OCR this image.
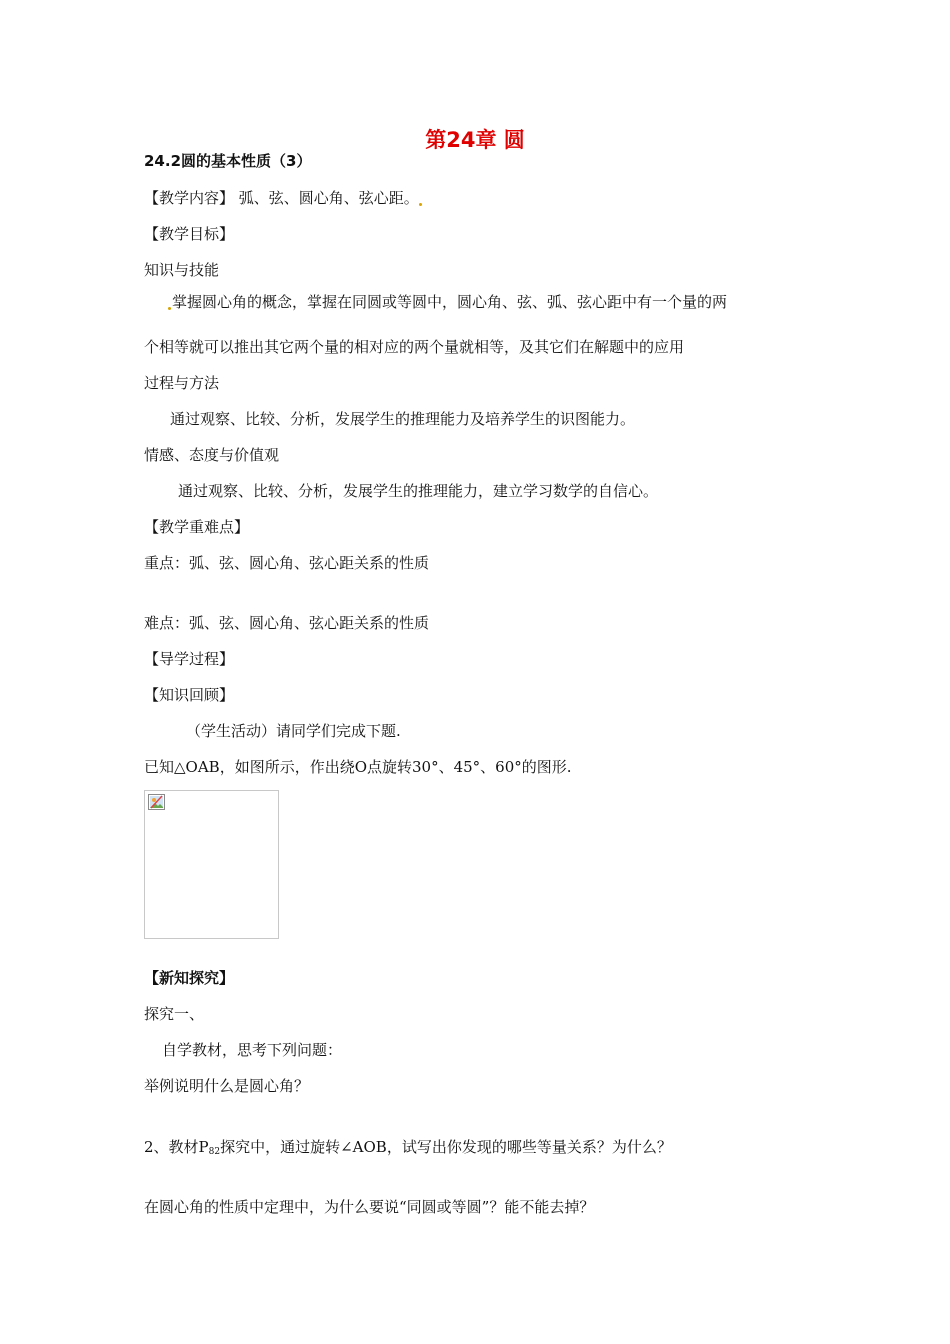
第24章 圆
24.2圆的基本性质（3）
【教学内容】 弧、弦、圆心角、弦心距。
【教学目标】
知识与技能
掌握圆心角的概念，掌握在同圆或等圆中，圆心角、弦、弧、弦心距中有一个量的两
个相等就可以推出其它两个量的相对应的两个量就相等，及其它们在解题中的应用
过程与方法
通过观察、比较、分析，发展学生的推理能力及培养学生的识图能力。
情感、态度与价值观
通过观察、比较、分析，发展学生的推理能力，建立学习数学的自信心。
【教学重难点】
重点：弧、弦、圆心角、弦心距关系的性质
难点：弧、弦、圆心角、弦心距关系的性质
【导学过程】
【知识回顾】
（学生活动）请同学们完成下题.
已知△OAB，如图所示，作出绕O点旋转30°、45°、60°的图形.
【新知探究】
探究一、
自学教材，思考下列问题：
举例说明什么是圆心角？
2、教材$P_{82}$探究中，通过旋转∠AOB，试写出你发现的哪些等量关系？为什么？
在圆心角的性质中定理中，为什么要说“同圆或等圆”？能不能去掉？
